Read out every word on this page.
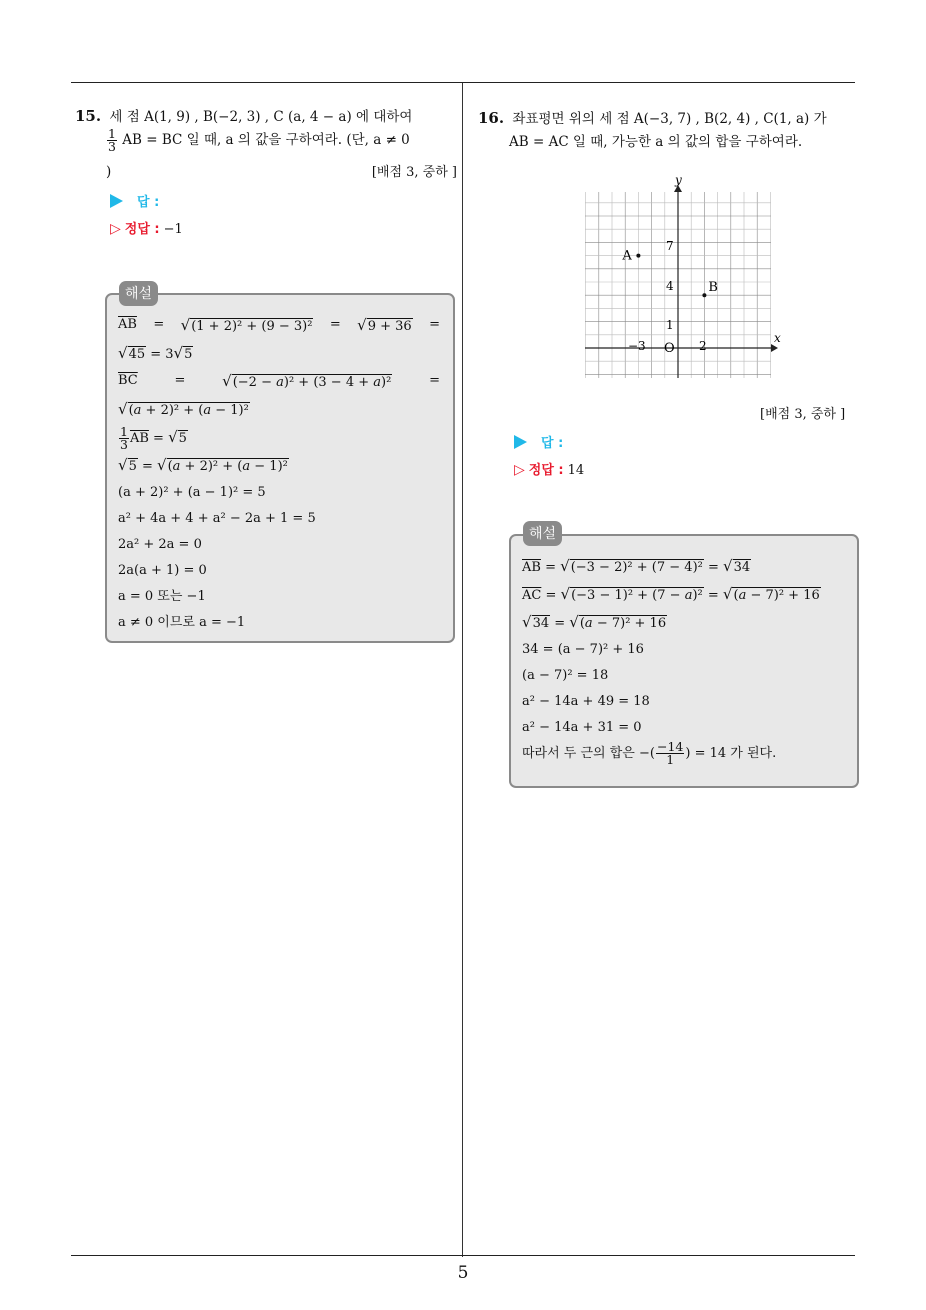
15. 세 점 A(1, 9) , B(−2, 3) , C (a, 4 − a) 에 대하여
$\frac{1}{3}$ AB = BC 일 때, a 의 값을 구하여라. (단, a ≠ 0
)	[배점 3, 중하 ]
답 :
▷ 정답 : −1
해설
$\overline{AB} = √(1 + 2)^2 + (9 - 3)^2 = √9 + 36$ =
√45 = 3√5
$\overline{BC}$	= √(−2 − a)² + (3 − 4 + a)²	=
√(a + 2)² + (a − 1)²
$\frac{1}{3} \overline{AB} = √5$
√5 = √(a + 2)² + (a − 1)²
(a + 2)² + (a − 1)² = 5
a² + 4a + 4 + a² − 2a + 1 = 5
2a² + 2a = 0
2a(a + 1) = 0
a = 0 또는 −1
a ≠ 0 이므로 a = −1
16. 좌표평면 위의 세 점 A(−3, 7) , B(2, 4) , C(1, a) 가
AB = AC 일 때, 가능한 a 의 값의 합을 구하여라.
x
y
O
−3	2
1
4
7
A
B
[배점 3, 중하 ]
답 :
▷ 정답 : 14
해설
$\overline{AB} = √(-3 - 2)^2 + (7 - 4)^2 = √34$
$\overline{AC} = √(-3 - 1)^2 + (7 - a)^2 = √(a - 7)^2 + 16$
√34 = √(a − 7)² + 16
34 = (a − 7)² + 16
(a − 7)² = 18
a² − 14a + 49 = 18
a² − 14a + 31 = 0
따라서 두 근의 합은 −( $\frac{-14}{1}$ ) = 14 가 된다.
5
